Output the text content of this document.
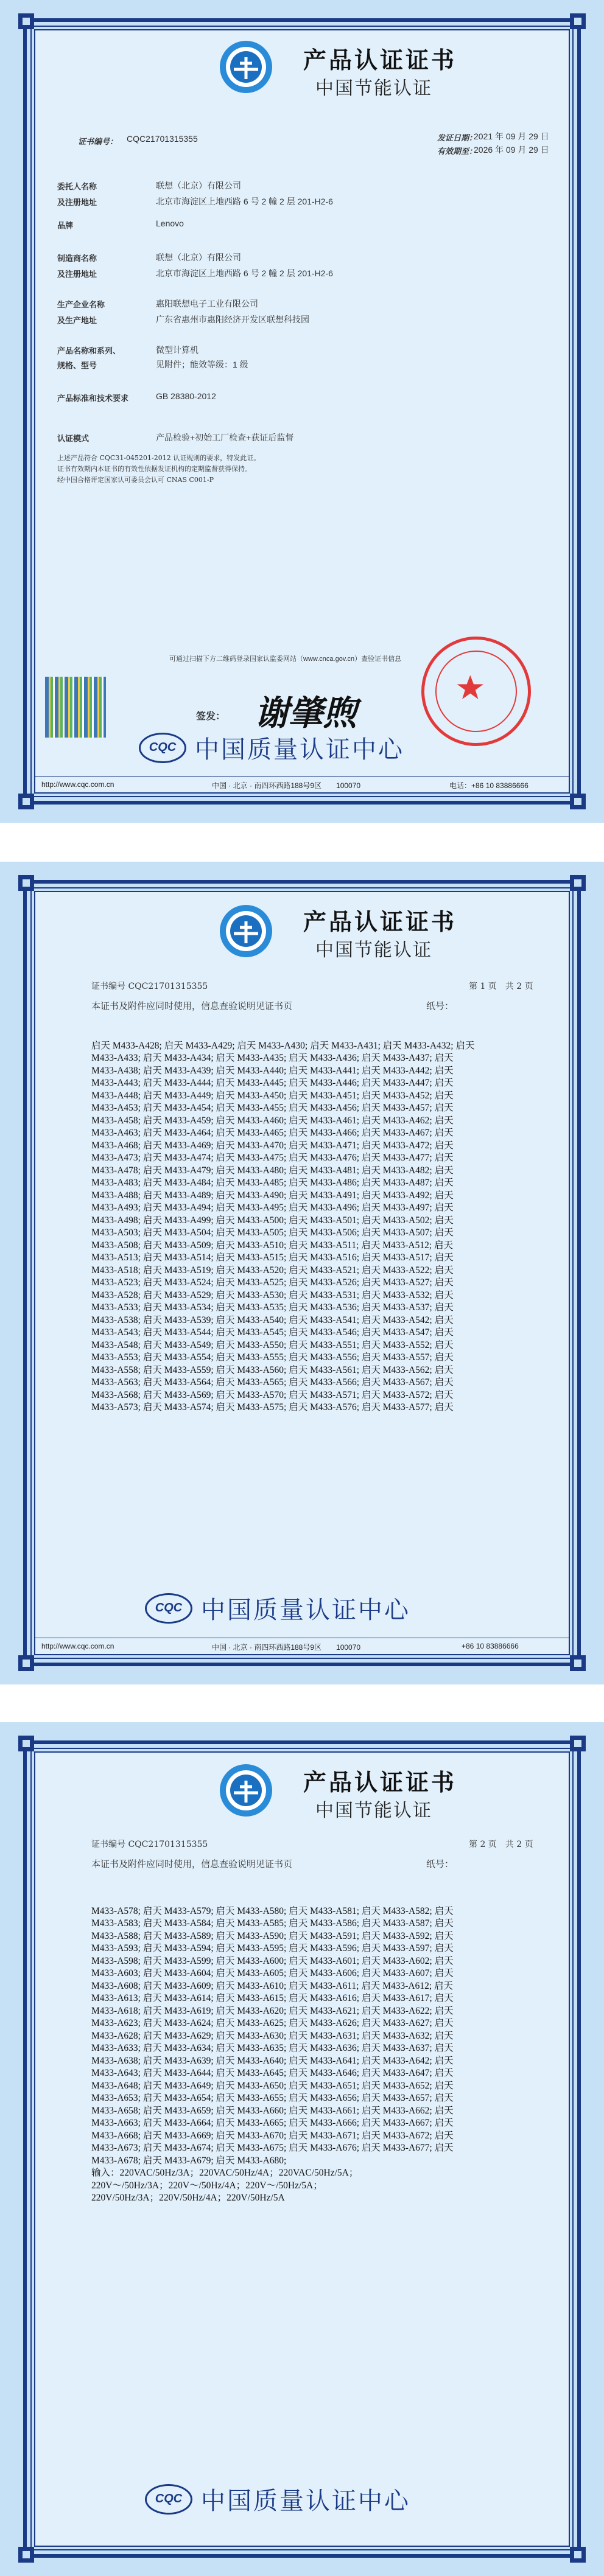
产品认证证书
中国节能认证
证书编号： CQC21701315355	发证日期：
2021 年 09 月 29 日
有效期至：
2026 年 09 月 29 日
委托人名称	联想（北京）有限公司
及注册地址	北京市海淀区上地西路 6 号 2 幢 2 层 201-H2-6
品牌	Lenovo
制造商名称	联想（北京）有限公司
及注册地址	北京市海淀区上地西路 6 号 2 幢 2 层 201-H2-6
生产企业名称	惠阳联想电子工业有限公司
及生产地址	广东省惠州市惠阳经济开发区联想科技园
产品名称和系列、	微型计算机
规格、型号	见附件；能效等级：1 级
产品标准和技术要求	GB 28380-2012
认证模式	产品检验+初始工厂检查+获证后监督
上述产品符合 CQC31-045201-2012 认证规则的要求，特发此证。
证书有效期内本证书的有效性依据发证机构的定期监督获得保持。
经中国合格评定国家认可委员会认可 CNAS C001-P
可通过扫描下方二维码登录国家认监委网站（www.cnca.gov.cn）查验证书信息
签发： 谢肇煦
CQC 中国质量认证中心
http://www.cqc.com.cn	中国 · 北京 · 南四环西路188号9区　　100070	电话：+86 10 83886666
产品认证证书
中国节能认证
证书编号 CQC21701315355	第 1 页　共 2 页
本证书及附件应同时使用，信息查验说明见证书页	纸号：

启天 M433-A428; 启天 M433-A429; 启天 M433-A430; 启天 M433-A431; 启天 M433-A432; 启天
M433-A433; 启天 M433-A434; 启天 M433-A435; 启天 M433-A436; 启天 M433-A437; 启天
M433-A438; 启天 M433-A439; 启天 M433-A440; 启天 M433-A441; 启天 M433-A442; 启天
M433-A443; 启天 M433-A444; 启天 M433-A445; 启天 M433-A446; 启天 M433-A447; 启天
M433-A448; 启天 M433-A449; 启天 M433-A450; 启天 M433-A451; 启天 M433-A452; 启天
M433-A453; 启天 M433-A454; 启天 M433-A455; 启天 M433-A456; 启天 M433-A457; 启天
M433-A458; 启天 M433-A459; 启天 M433-A460; 启天 M433-A461; 启天 M433-A462; 启天
M433-A463; 启天 M433-A464; 启天 M433-A465; 启天 M433-A466; 启天 M433-A467; 启天
M433-A468; 启天 M433-A469; 启天 M433-A470; 启天 M433-A471; 启天 M433-A472; 启天
M433-A473; 启天 M433-A474; 启天 M433-A475; 启天 M433-A476; 启天 M433-A477; 启天
M433-A478; 启天 M433-A479; 启天 M433-A480; 启天 M433-A481; 启天 M433-A482; 启天
M433-A483; 启天 M433-A484; 启天 M433-A485; 启天 M433-A486; 启天 M433-A487; 启天
M433-A488; 启天 M433-A489; 启天 M433-A490; 启天 M433-A491; 启天 M433-A492; 启天
M433-A493; 启天 M433-A494; 启天 M433-A495; 启天 M433-A496; 启天 M433-A497; 启天
M433-A498; 启天 M433-A499; 启天 M433-A500; 启天 M433-A501; 启天 M433-A502; 启天
M433-A503; 启天 M433-A504; 启天 M433-A505; 启天 M433-A506; 启天 M433-A507; 启天
M433-A508; 启天 M433-A509; 启天 M433-A510; 启天 M433-A511; 启天 M433-A512; 启天
M433-A513; 启天 M433-A514; 启天 M433-A515; 启天 M433-A516; 启天 M433-A517; 启天
M433-A518; 启天 M433-A519; 启天 M433-A520; 启天 M433-A521; 启天 M433-A522; 启天
M433-A523; 启天 M433-A524; 启天 M433-A525; 启天 M433-A526; 启天 M433-A527; 启天
M433-A528; 启天 M433-A529; 启天 M433-A530; 启天 M433-A531; 启天 M433-A532; 启天
M433-A533; 启天 M433-A534; 启天 M433-A535; 启天 M433-A536; 启天 M433-A537; 启天
M433-A538; 启天 M433-A539; 启天 M433-A540; 启天 M433-A541; 启天 M433-A542; 启天
M433-A543; 启天 M433-A544; 启天 M433-A545; 启天 M433-A546; 启天 M433-A547; 启天
M433-A548; 启天 M433-A549; 启天 M433-A550; 启天 M433-A551; 启天 M433-A552; 启天
M433-A553; 启天 M433-A554; 启天 M433-A555; 启天 M433-A556; 启天 M433-A557; 启天
M433-A558; 启天 M433-A559; 启天 M433-A560; 启天 M433-A561; 启天 M433-A562; 启天
M433-A563; 启天 M433-A564; 启天 M433-A565; 启天 M433-A566; 启天 M433-A567; 启天
M433-A568; 启天 M433-A569; 启天 M433-A570; 启天 M433-A571; 启天 M433-A572; 启天
M433-A573; 启天 M433-A574; 启天 M433-A575; 启天 M433-A576; 启天 M433-A577; 启天

CQC 中国质量认证中心
http://www.cqc.com.cn	中国 · 北京 · 南四环西路188号9区　　100070	+86 10 83886666
产品认证证书
中国节能认证
证书编号 CQC21701315355	第 2 页　共 2 页
本证书及附件应同时使用，信息查验说明见证书页	纸号：

M433-A578; 启天 M433-A579; 启天 M433-A580; 启天 M433-A581; 启天 M433-A582; 启天
M433-A583; 启天 M433-A584; 启天 M433-A585; 启天 M433-A586; 启天 M433-A587; 启天
M433-A588; 启天 M433-A589; 启天 M433-A590; 启天 M433-A591; 启天 M433-A592; 启天
M433-A593; 启天 M433-A594; 启天 M433-A595; 启天 M433-A596; 启天 M433-A597; 启天
M433-A598; 启天 M433-A599; 启天 M433-A600; 启天 M433-A601; 启天 M433-A602; 启天
M433-A603; 启天 M433-A604; 启天 M433-A605; 启天 M433-A606; 启天 M433-A607; 启天
M433-A608; 启天 M433-A609; 启天 M433-A610; 启天 M433-A611; 启天 M433-A612; 启天
M433-A613; 启天 M433-A614; 启天 M433-A615; 启天 M433-A616; 启天 M433-A617; 启天
M433-A618; 启天 M433-A619; 启天 M433-A620; 启天 M433-A621; 启天 M433-A622; 启天
M433-A623; 启天 M433-A624; 启天 M433-A625; 启天 M433-A626; 启天 M433-A627; 启天
M433-A628; 启天 M433-A629; 启天 M433-A630; 启天 M433-A631; 启天 M433-A632; 启天
M433-A633; 启天 M433-A634; 启天 M433-A635; 启天 M433-A636; 启天 M433-A637; 启天
M433-A638; 启天 M433-A639; 启天 M433-A640; 启天 M433-A641; 启天 M433-A642; 启天
M433-A643; 启天 M433-A644; 启天 M433-A645; 启天 M433-A646; 启天 M433-A647; 启天
M433-A648; 启天 M433-A649; 启天 M433-A650; 启天 M433-A651; 启天 M433-A652; 启天
M433-A653; 启天 M433-A654; 启天 M433-A655; 启天 M433-A656; 启天 M433-A657; 启天
M433-A658; 启天 M433-A659; 启天 M433-A660; 启天 M433-A661; 启天 M433-A662; 启天
M433-A663; 启天 M433-A664; 启天 M433-A665; 启天 M433-A666; 启天 M433-A667; 启天
M433-A668; 启天 M433-A669; 启天 M433-A670; 启天 M433-A671; 启天 M433-A672; 启天
M433-A673; 启天 M433-A674; 启天 M433-A675; 启天 M433-A676; 启天 M433-A677; 启天
M433-A678; 启天 M433-A679; 启天 M433-A680;
输入：220VAC/50Hz/3A；220VAC/50Hz/4A；220VAC/50Hz/5A；
220V～/50Hz/3A；220V～/50Hz/4A；220V～/50Hz/5A；
220V/50Hz/3A；220V/50Hz/4A；220V/50Hz/5A

CQC 中国质量认证中心
